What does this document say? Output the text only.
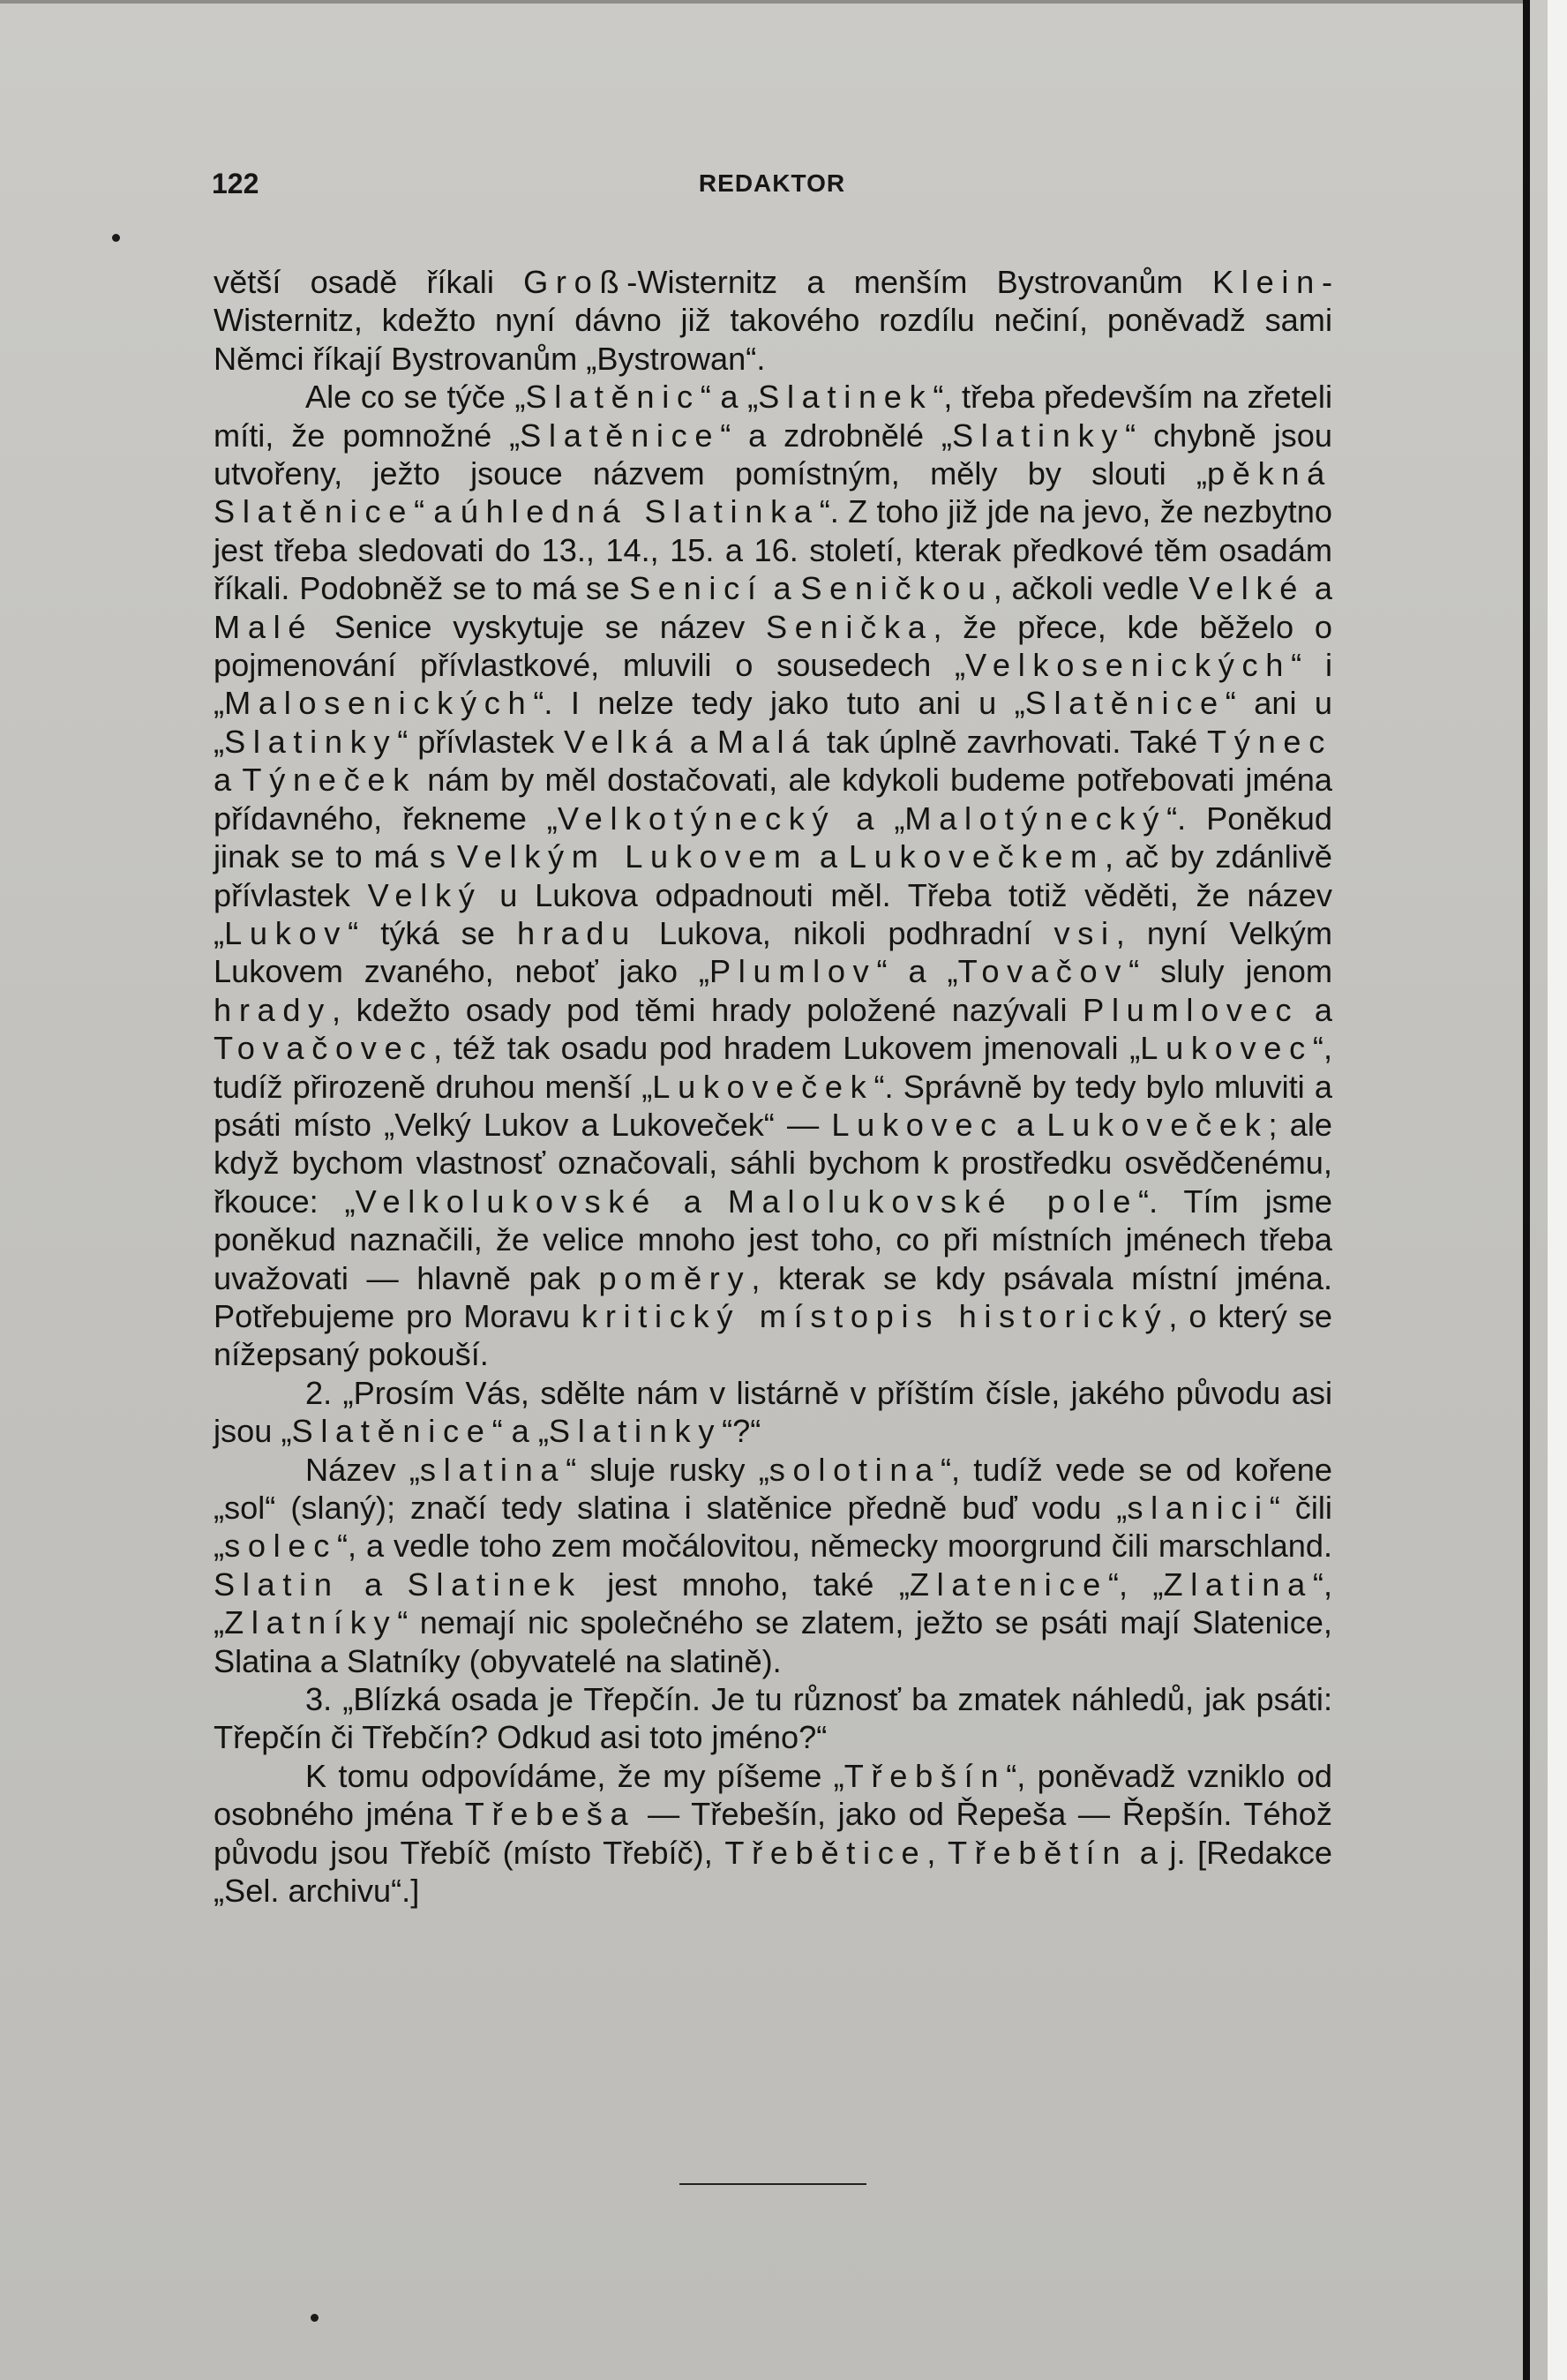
122	REDAKTOR

větší osadě říkali Groß-Wisternitz a menším Bystrovanům Klein-Wisternitz, kdežto nyní dávno již takového rozdílu nečiní, poněvadž sami Němci říkají Bystrovanům „Bystrowan“.

Ale co se týče „Slatěnic“ a „Slatinek“, třeba především na zřeteli míti, že pomnožné „Slatěnice“ a zdrobnělé „Slatinky“ chybně jsou utvořeny, ježto jsouce názvem pomístným, měly by slouti „pěkná Slatěnice“ a úhledná Slatinka“. Z toho již jde na jevo, že nezbytno jest třeba sledovati do 13., 14., 15. a 16. století, kterak předkové těm osadám říkali. Podobněž se to má se Senicí a Seničkou, ačkoli vedle Velké a Malé Senice vyskytuje se název Senička, že přece, kde běželo o pojmenování přívlastkové, mluvili o sousedech „Velkosenických“ i „Malosenických“. I nelze tedy jako tuto ani u „Slatěnice“ ani u „Slatinky“ přívlastek Velká a Malá tak úplně zavrhovati. Také Týnec a Týneček nám by měl dostačovati, ale kdykoli budeme potřebovati jména přídavného, řekneme „Velkotýnecký a „Malotýnecký“. Poněkud jinak se to má s Velkým Lukovem a Lukovečkem, ač by zdánlivě přívlastek Velký u Lukova odpadnouti měl. Třeba totiž věděti, že název „Lukov“ týká se hradu Lukova, nikoli podhradní vsi, nyní Velkým Lukovem zvaného, neboť jako „Plumlov“ a „Tovačov“ sluly jenom hrady, kdežto osady pod těmi hrady položené nazývali Plumlovec a Tovačovec, též tak osadu pod hradem Lukovem jmenovali „Lukovec“, tudíž přirozeně druhou menší „Lukoveček“. Správně by tedy bylo mluviti a psáti místo „Velký Lukov a Lukoveček“ — Lukovec a Lukoveček; ale když bychom vlastnosť označovali, sáhli bychom k prostředku osvědčenému, řkouce: „Velkolukovské a Malolukovské pole“. Tím jsme poněkud naznačili, že velice mnoho jest toho, co při místních jménech třeba uvažovati — hlavně pak poměry, kterak se kdy psávala místní jména. Potřebujeme pro Moravu kritický místopis historický, o který se nížepsaný pokouší.

2. „Prosím Vás, sdělte nám v listárně v příštím čísle, jakého původu asi jsou „Slatěnice“ a „Slatinky“?“

Název „slatina“ sluje rusky „solotina“, tudíž vede se od kořene „sol“ (slaný); značí tedy slatina i slatěnice předně buď vodu „slanici“ čili „solec“, a vedle toho zem močálovitou, německy moorgrund čili marschland. Slatin a Slatinek jest mnoho, také „Zlatenice“, „Zlatina“, „Zlatníky“ nemají nic společného se zlatem, ježto se psáti mají Slatenice, Slatina a Slatníky (obyvatelé na slatině).

3. „Blízká osada je Třepčín. Je tu různosť ba zmatek náhledů, jak psáti: Třepčín či Třebčín? Odkud asi toto jméno?“

K tomu odpovídáme, že my píšeme „Třebšín“, poněvadž vzniklo od osobného jména Třebeša — Třebešín, jako od Řepeša — Řepšín. Téhož původu jsou Třebíč (místo Třebíč), Třebětice, Třebětín a j. [Redakce „Sel. archivu“.]
